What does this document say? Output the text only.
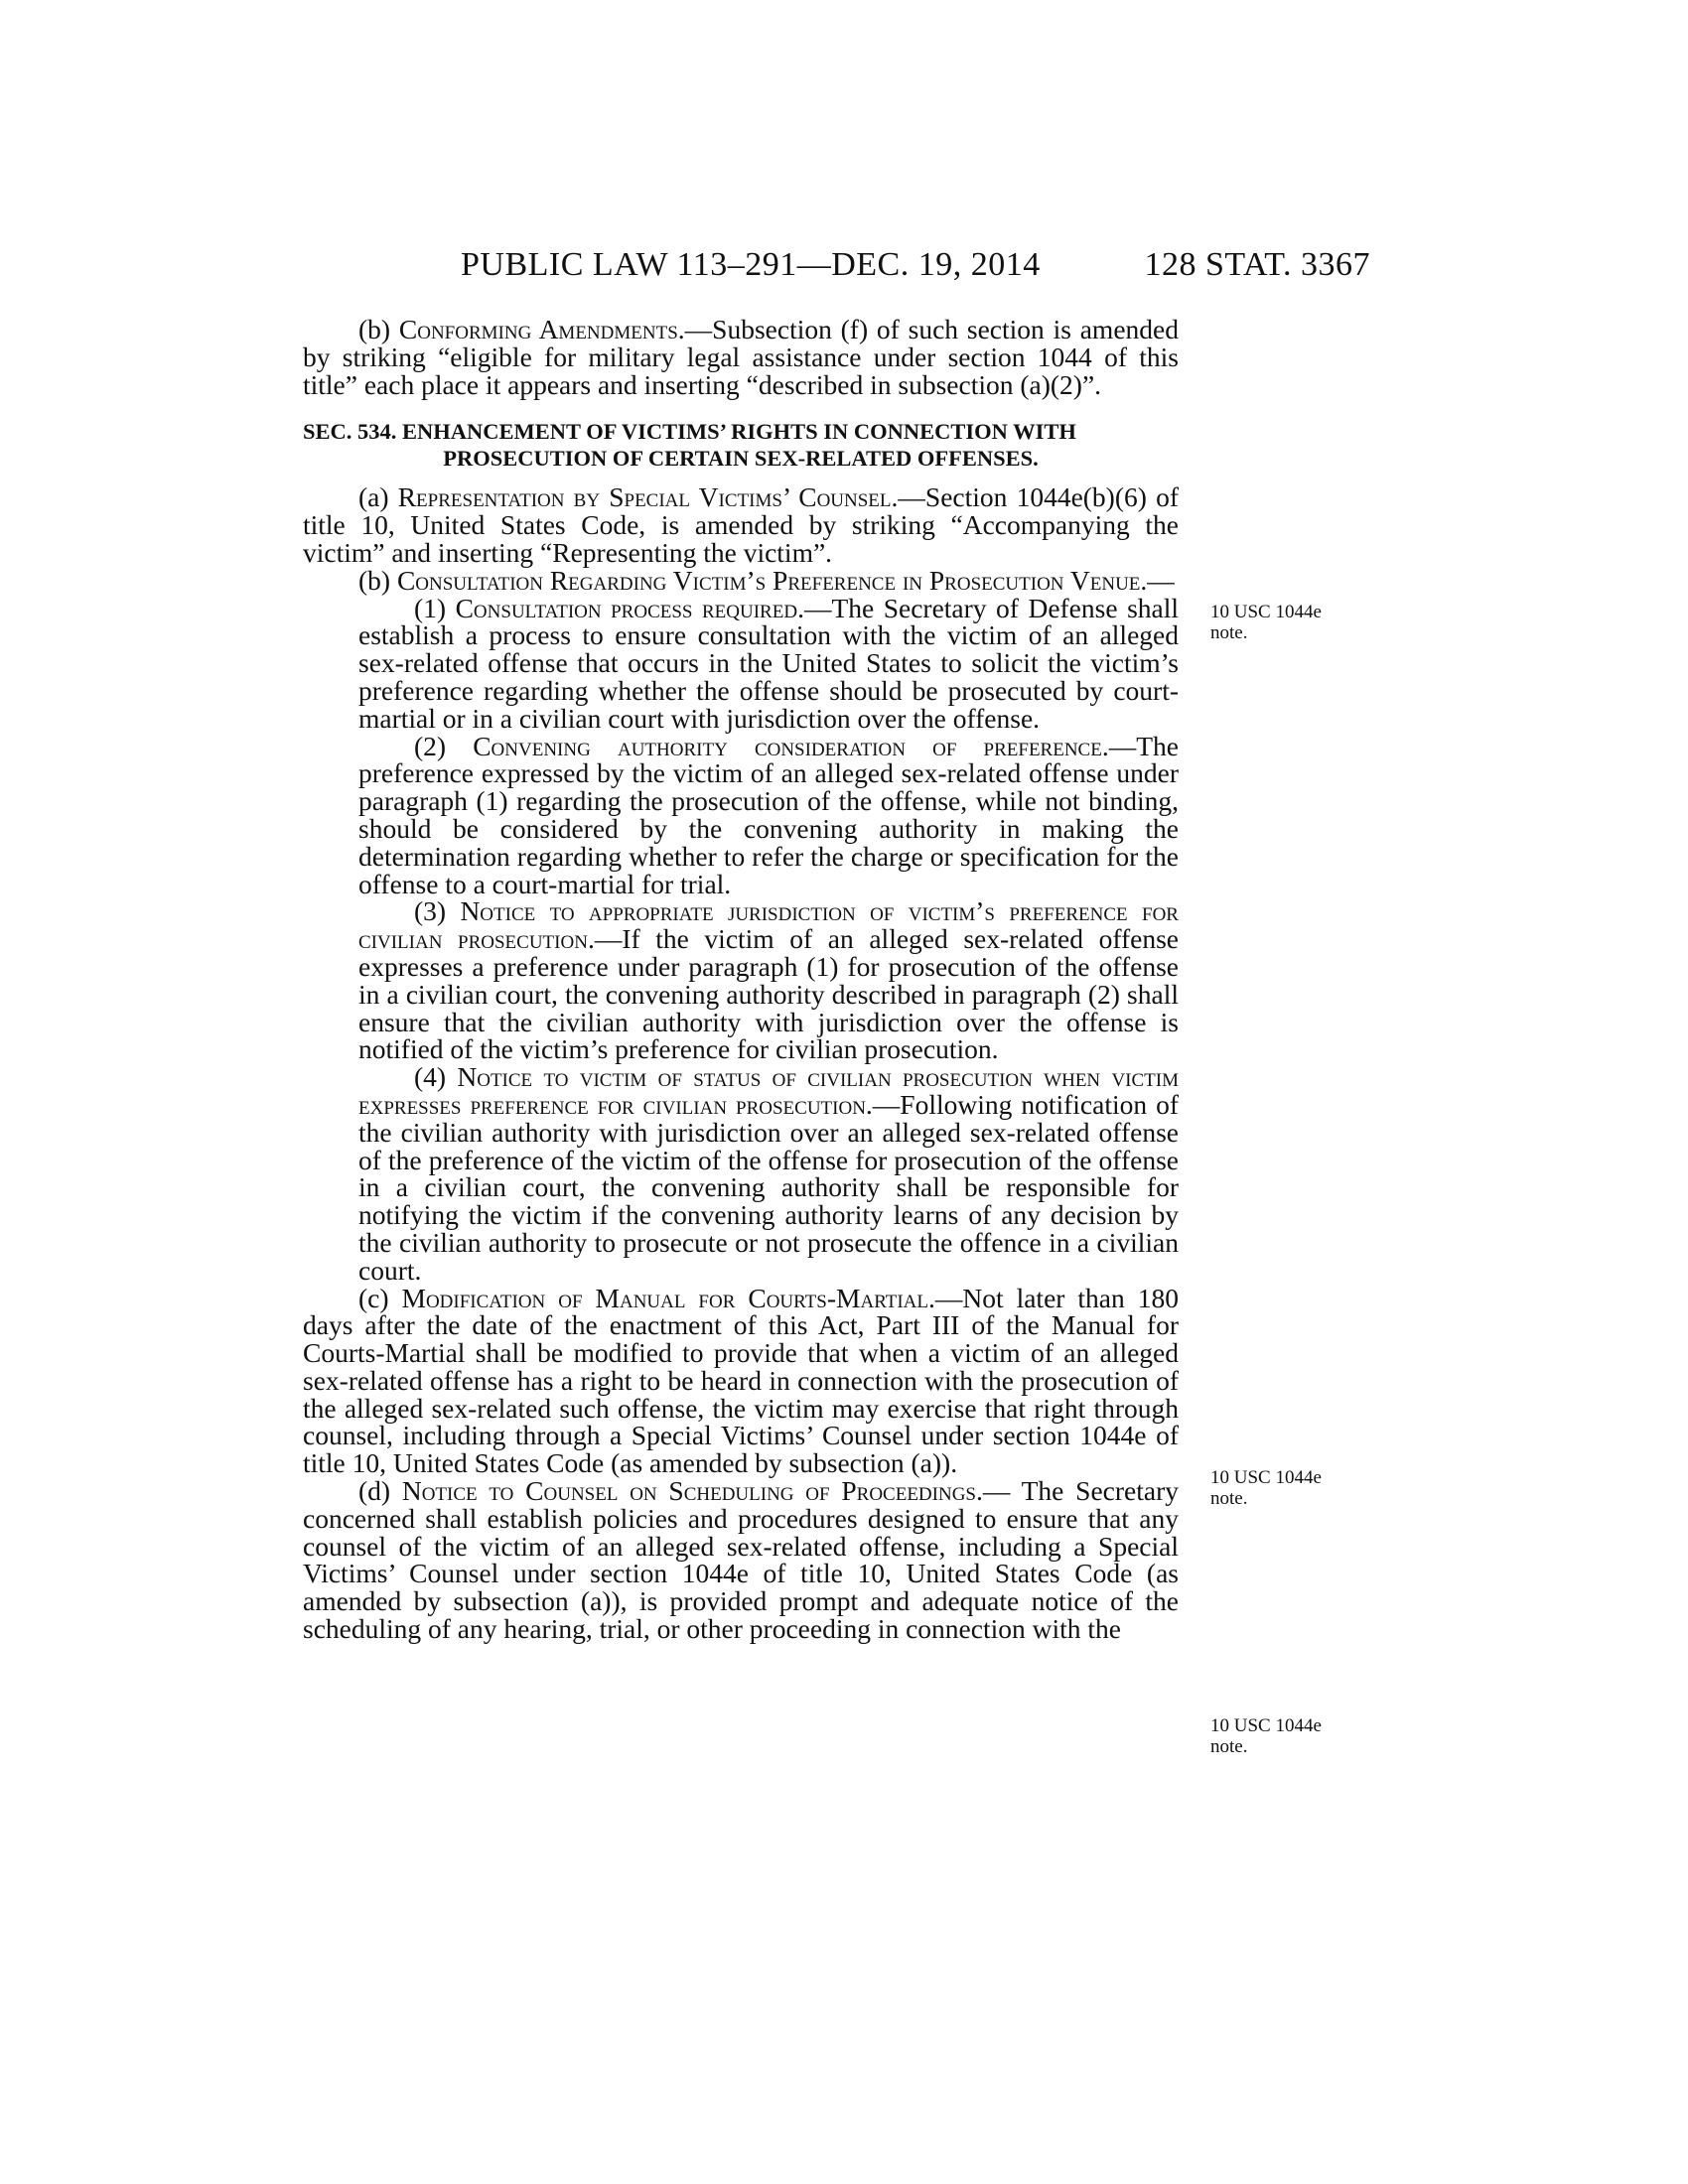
PUBLIC LAW 113–291—DEC. 19, 2014	128 STAT. 3367

(b) Conforming Amendments.—Subsection (f) of such section is amended by striking “eligible for military legal assistance under section 1044 of this title” each place it appears and inserting “described in subsection (a)(2)”.

SEC. 534. ENHANCEMENT OF VICTIMS’ RIGHTS IN CONNECTION WITH
PROSECUTION OF CERTAIN SEX-RELATED OFFENSES.

(a) Representation by Special Victims’ Counsel.—Section 1044e(b)(6) of title 10, United States Code, is amended by striking “Accompanying the victim” and inserting “Representing the victim”.

(b) Consultation Regarding Victim’s Preference in Prosecution Venue.—

(1) Consultation process required.—The Secretary of Defense shall establish a process to ensure consultation with the victim of an alleged sex-related offense that occurs in the United States to solicit the victim’s preference regarding whether the offense should be prosecuted by court-martial or in a civilian court with jurisdiction over the offense.

(2) Convening authority consideration of preference.—The preference expressed by the victim of an alleged sex-related offense under paragraph (1) regarding the prosecution of the offense, while not binding, should be considered by the convening authority in making the determination regarding whether to refer the charge or specification for the offense to a court-martial for trial.

(3) Notice to appropriate jurisdiction of victim’s preference for civilian prosecution.—If the victim of an alleged sex-related offense expresses a preference under paragraph (1) for prosecution of the offense in a civilian court, the convening authority described in paragraph (2) shall ensure that the civilian authority with jurisdiction over the offense is notified of the victim’s preference for civilian prosecution.

(4) Notice to victim of status of civilian prosecution when victim expresses preference for civilian prosecution.—Following notification of the civilian authority with jurisdiction over an alleged sex-related offense of the preference of the victim of the offense for prosecution of the offense in a civilian court, the convening authority shall be responsible for notifying the victim if the convening authority learns of any decision by the civilian authority to prosecute or not prosecute the offence in a civilian court.

(c) Modification of Manual for Courts-Martial.—Not later than 180 days after the date of the enactment of this Act, Part III of the Manual for Courts-Martial shall be modified to provide that when a victim of an alleged sex-related offense has a right to be heard in connection with the prosecution of the alleged sex-related such offense, the victim may exercise that right through counsel, including through a Special Victims’ Counsel under section 1044e of title 10, United States Code (as amended by subsection (a)).

(d) Notice to Counsel on Scheduling of Proceedings.— The Secretary concerned shall establish policies and procedures designed to ensure that any counsel of the victim of an alleged sex-related offense, including a Special Victims’ Counsel under section 1044e of title 10, United States Code (as amended by subsection (a)), is provided prompt and adequate notice of the scheduling of any hearing, trial, or other proceeding in connection with the

10 USC 1044e
note.
10 USC 1044e
note.
10 USC 1044e
note.
